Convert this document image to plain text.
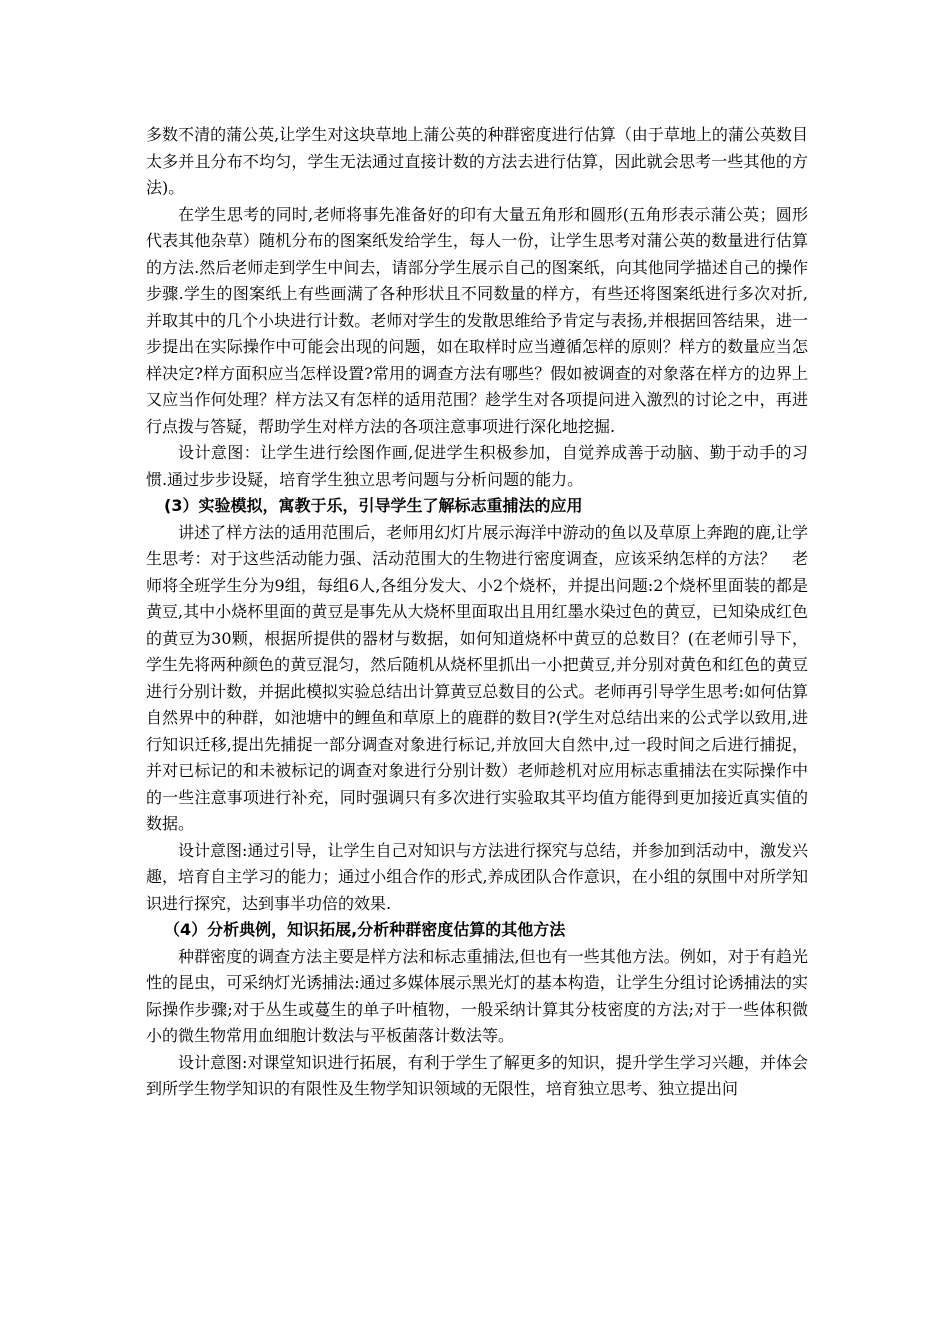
多数不清的蒲公英,让学生对这块草地上蒲公英的种群密度进行估算（由于草地上的蒲公英数目太多并且分布不均匀，学生无法通过直接计数的方法去进行估算，因此就会思考一些其他的方法)。

在学生思考的同时,老师将事先准备好的印有大量五角形和圆形(五角形表示蒲公英；圆形代表其他杂草）随机分布的图案纸发给学生，每人一份，让学生思考对蒲公英的数量进行估算的方法.然后老师走到学生中间去，请部分学生展示自己的图案纸，向其他同学描述自己的操作步骤.学生的图案纸上有些画满了各种形状且不同数量的样方，有些还将图案纸进行多次对折,并取其中的几个小块进行计数。老师对学生的发散思维给予肯定与表扬,并根据回答结果，进一步提出在实际操作中可能会出现的问题，如在取样时应当遵循怎样的原则？样方的数量应当怎样决定?样方面积应当怎样设置?常用的调查方法有哪些？假如被调查的对象落在样方的边界上又应当作何处理？样方法又有怎样的适用范围？趁学生对各项提问进入激烈的讨论之中，再进行点拨与答疑，帮助学生对样方法的各项注意事项进行深化地挖掘.

设计意图：让学生进行绘图作画,促进学生积极参加，自觉养成善于动脑、勤于动手的习惯.通过步步设疑，培育学生独立思考问题与分析问题的能力。

(3）实验模拟，寓教于乐，引导学生了解标志重捕法的应用

讲述了样方法的适用范围后，老师用幻灯片展示海洋中游动的鱼以及草原上奔跑的鹿,让学生思考：对于这些活动能力强、活动范围大的生物进行密度调查，应该采纳怎样的方法？　老师将全班学生分为9组，每组6人,各组分发大、小2个烧杯，并提出问题:2个烧杯里面装的都是黄豆,其中小烧杯里面的黄豆是事先从大烧杯里面取出且用红墨水染过色的黄豆，已知染成红色的黄豆为30颗，根据所提供的器材与数据，如何知道烧杯中黄豆的总数目？(在老师引导下，学生先将两种颜色的黄豆混匀，然后随机从烧杯里抓出一小把黄豆,并分别对黄色和红色的黄豆进行分别计数，并据此模拟实验总结出计算黄豆总数目的公式。老师再引导学生思考:如何估算自然界中的种群，如池塘中的鲤鱼和草原上的鹿群的数目?(学生对总结出来的公式学以致用,进行知识迁移,提出先捕捉一部分调查对象进行标记,并放回大自然中,过一段时间之后进行捕捉，并对已标记的和未被标记的调查对象进行分别计数）老师趁机对应用标志重捕法在实际操作中的一些注意事项进行补充，同时强调只有多次进行实验取其平均值方能得到更加接近真实值的数据。

设计意图:通过引导，让学生自己对知识与方法进行探究与总结，并参加到活动中，激发兴趣，培育自主学习的能力；通过小组合作的形式,养成团队合作意识，在小组的氛围中对所学知识进行探究，达到事半功倍的效果.

（4）分析典例，知识拓展,分析种群密度估算的其他方法

种群密度的调查方法主要是样方法和标志重捕法,但也有一些其他方法。例如，对于有趋光性的昆虫，可采纳灯光诱捕法:通过多媒体展示黑光灯的基本构造，让学生分组讨论诱捕法的实际操作步骤;对于丛生或蔓生的单子叶植物，一般采纳计算其分枝密度的方法;对于一些体积微小的微生物常用血细胞计数法与平板菌落计数法等。

设计意图:对课堂知识进行拓展，有利于学生了解更多的知识，提升学生学习兴趣，并体会到所学生物学知识的有限性及生物学知识领域的无限性，培育独立思考、独立提出问
